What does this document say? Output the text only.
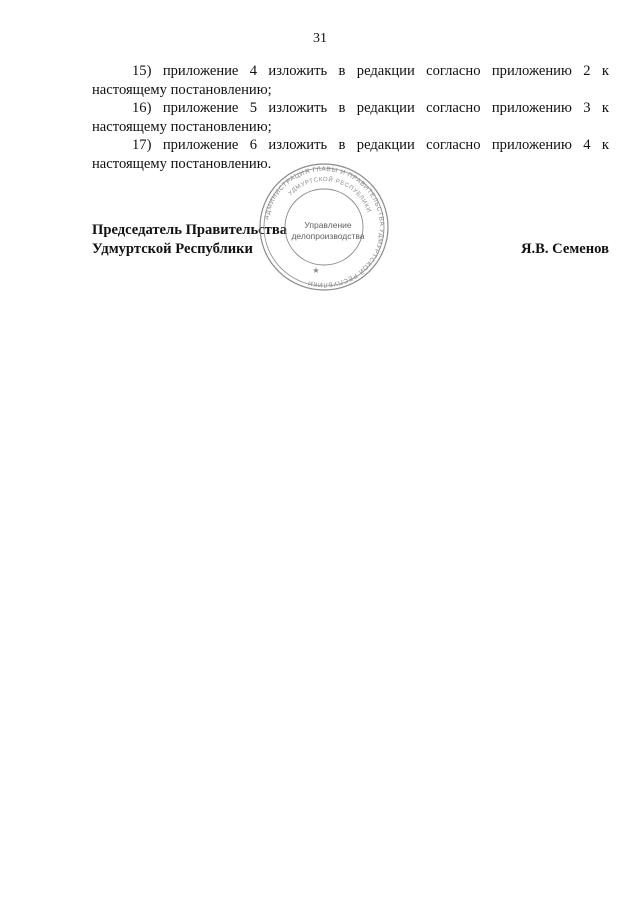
31

15) приложение 4 изложить в редакции согласно приложению 2 к настоящему постановлению;

16) приложение 5 изложить в редакции согласно приложению 3 к настоящему постановлению;

17) приложение 6 изложить в редакции согласно приложению 4 к настоящему постановлению.

Председатель Правительства
Удмуртской Республики	Я.В. Семенов
АДМИНИСТРАЦИЯ ГЛАВЫ И ПРАВИТЕЛЬСТВА УДМУРТСКОЙ РЕСПУБЛИКИ
УДМУРТСКОЙ РЕСПУБЛИКИ
Управление
делопроизводства
★
